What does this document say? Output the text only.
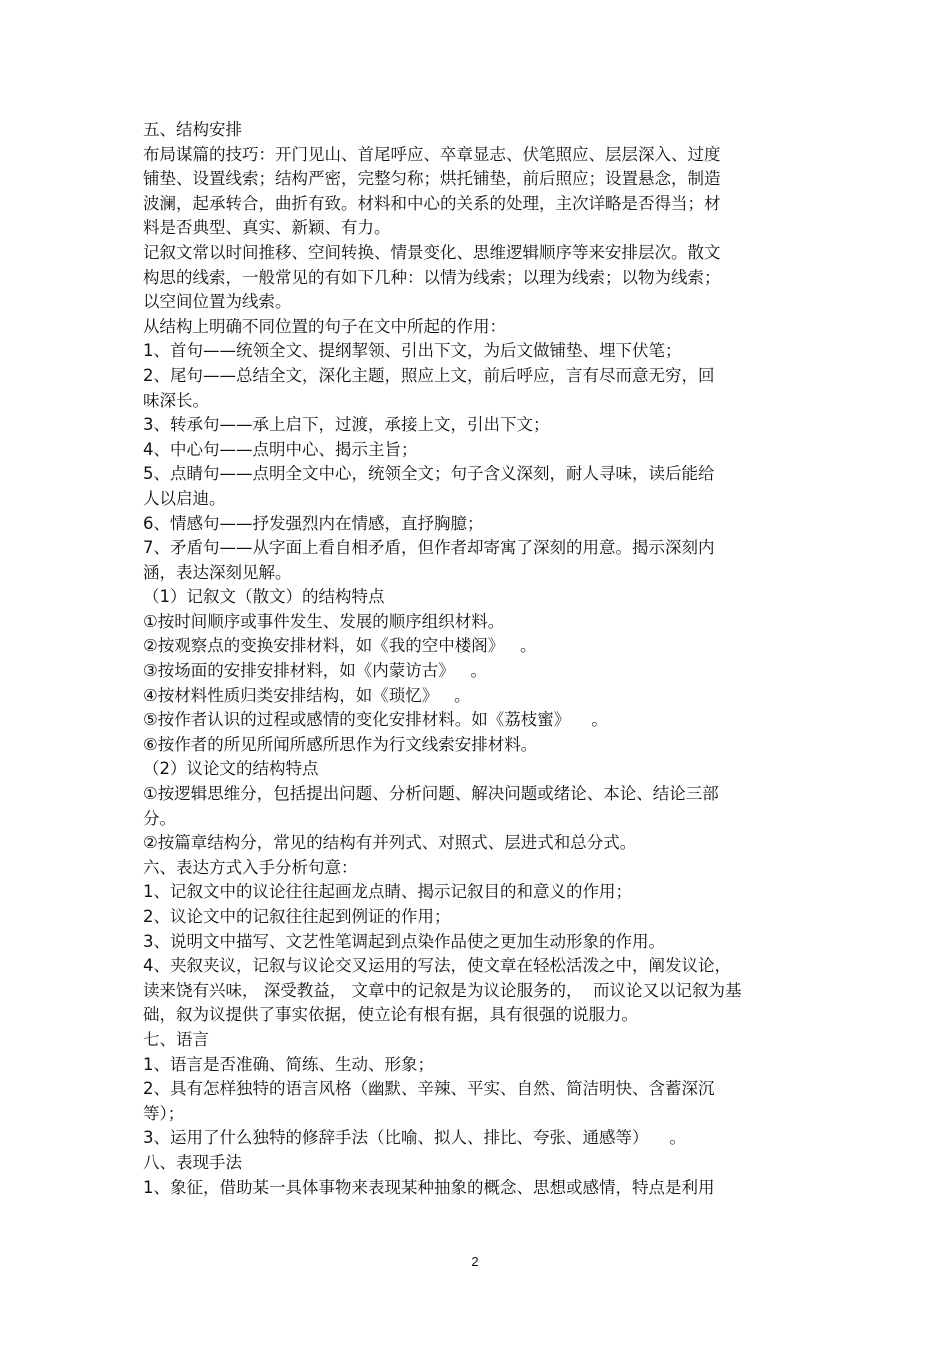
五、结构安排

布局谋篇的技巧：开门见山、首尾呼应、卒章显志、伏笔照应、层层深入、过度

铺垫、设置线索；结构严密，完整匀称；烘托铺垫，前后照应；设置悬念，制造

波澜，起承转合，曲折有致。材料和中心的关系的处理，主次详略是否得当；材

料是否典型、真实、新颖、有力。

记叙文常以时间推移、空间转换、情景变化、思维逻辑顺序等来安排层次。散文

构思的线索，一般常见的有如下几种：以情为线索；以理为线索；以物为线索；

以空间位置为线索。

从结构上明确不同位置的句子在文中所起的作用：

1、首句——统领全文、提纲挈领、引出下文，为后文做铺垫、埋下伏笔；

2、尾句——总结全文，深化主题，照应上文，前后呼应，言有尽而意无穷，回

味深长。

3、转承句——承上启下，过渡，承接上文，引出下文；

4、中心句——点明中心、揭示主旨；

5、点睛句——点明全文中心，统领全文；句子含义深刻，耐人寻味，读后能给

人以启迪。

6、情感句——抒发强烈内在情感，直抒胸臆；

7、矛盾句——从字面上看自相矛盾，但作者却寄寓了深刻的用意。揭示深刻内

涵，表达深刻见解。

（1）记叙文（散文）的结构特点

①按时间顺序或事件发生、发展的顺序组织材料。

②按观察点的变换安排材料，如《我的空中楼阁》   。

③按场面的安排安排材料，如《内蒙访古》   。

④按材料性质归类安排结构，如《琐忆》   。

⑤按作者认识的过程或感情的变化安排材料。如《荔枝蜜》    。

⑥按作者的所见所闻所感所思作为行文线索安排材料。

（2）议论文的结构特点

①按逻辑思维分，包括提出问题、分析问题、解决问题或绪论、本论、结论三部

分。

②按篇章结构分，常见的结构有并列式、对照式、层进式和总分式。

六、表达方式入手分析句意：

1、记叙文中的议论往往起画龙点睛、揭示记叙目的和意义的作用；

2、议论文中的记叙往往起到例证的作用；

3、说明文中描写、文艺性笔调起到点染作品使之更加生动形象的作用。

4、夹叙夹议，记叙与议论交叉运用的写法，使文章在轻松活泼之中，阐发议论，

读来饶有兴味， 深受教益， 文章中的记叙是为议论服务的，  而议论又以记叙为基

础，叙为议提供了事实依据，使立论有根有据，具有很强的说服力。

七、语言

1、语言是否准确、简练、生动、形象；

2、具有怎样独特的语言风格（幽默、辛辣、平实、自然、简洁明快、含蓄深沉

等）；

3、运用了什么独特的修辞手法（比喻、拟人、排比、夸张、通感等）    。

八、表现手法

1、象征，借助某一具体事物来表现某种抽象的概念、思想或感情，特点是利用

2
